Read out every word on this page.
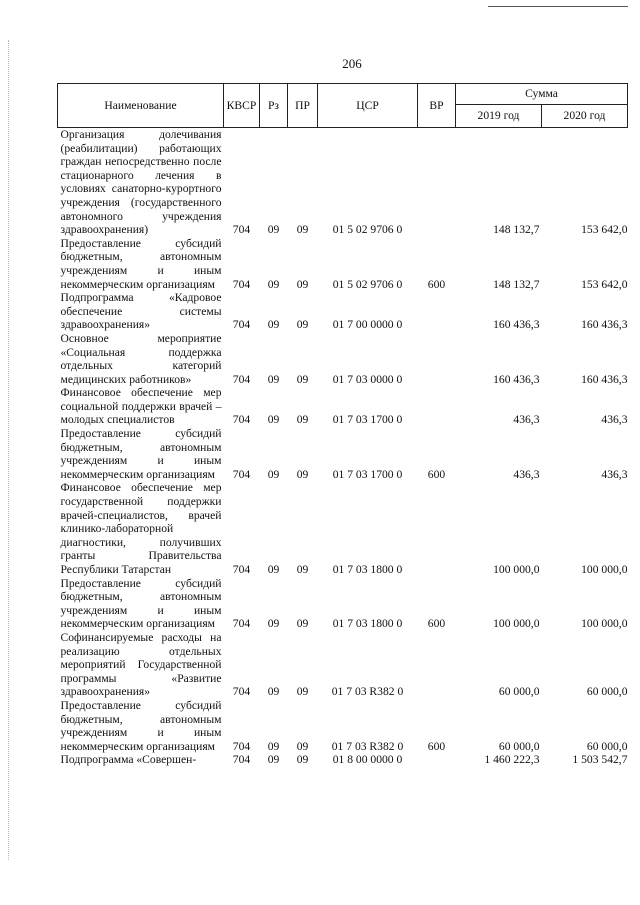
206
Наименование	КВСР	Рз	ПР	ЦСР	ВР	Сумма	
						2019 год	2020 год
Организация долечивания (реабилитации) работающих граждан непосредственно после стационарного лечения в условиях санаторно-курортного учреждения (государственного автономного учреждения здравоохранения)	704	09	09	01 5 02 9706 0		148 132,7	153 642,0
Предоставление субсидий бюджетным, автономным учреждениям и иным некоммерческим организациям	704	09	09	01 5 02 9706 0	600	148 132,7	153 642,0
Подпрограмма «Кадровое обеспечение системы здравоохранения»	704	09	09	01 7 00 0000 0		160 436,3	160 436,3
Основное мероприятие «Социальная поддержка отдельных категорий медицинских работников»	704	09	09	01 7 03 0000 0		160 436,3	160 436,3
Финансовое обеспечение мер социальной поддержки врачей – молодых специалистов	704	09	09	01 7 03 1700 0		436,3	436,3
Предоставление субсидий бюджетным, автономным учреждениям и иным некоммерческим организациям	704	09	09	01 7 03 1700 0	600	436,3	436,3
Финансовое обеспечение мер государственной поддержки врачей-специалистов, врачей клинико-лабораторной диагностики, получивших гранты Правительства Республики Татарстан	704	09	09	01 7 03 1800 0		100 000,0	100 000,0
Предоставление субсидий бюджетным, автономным учреждениям и иным некоммерческим организациям	704	09	09	01 7 03 1800 0	600	100 000,0	100 000,0
Софинансируемые расходы на реализацию отдельных мероприятий Государственной программы «Развитие здравоохранения»	704	09	09	01 7 03 R382 0		60 000,0	60 000,0
Предоставление субсидий бюджетным, автономным учреждениям и иным некоммерческим организациям	704	09	09	01 7 03 R382 0	600	60 000,0	60 000,0
Подпрограмма «Совершен-	704	09	09	01 8 00 0000 0		1 460 222,3	1 503 542,7
